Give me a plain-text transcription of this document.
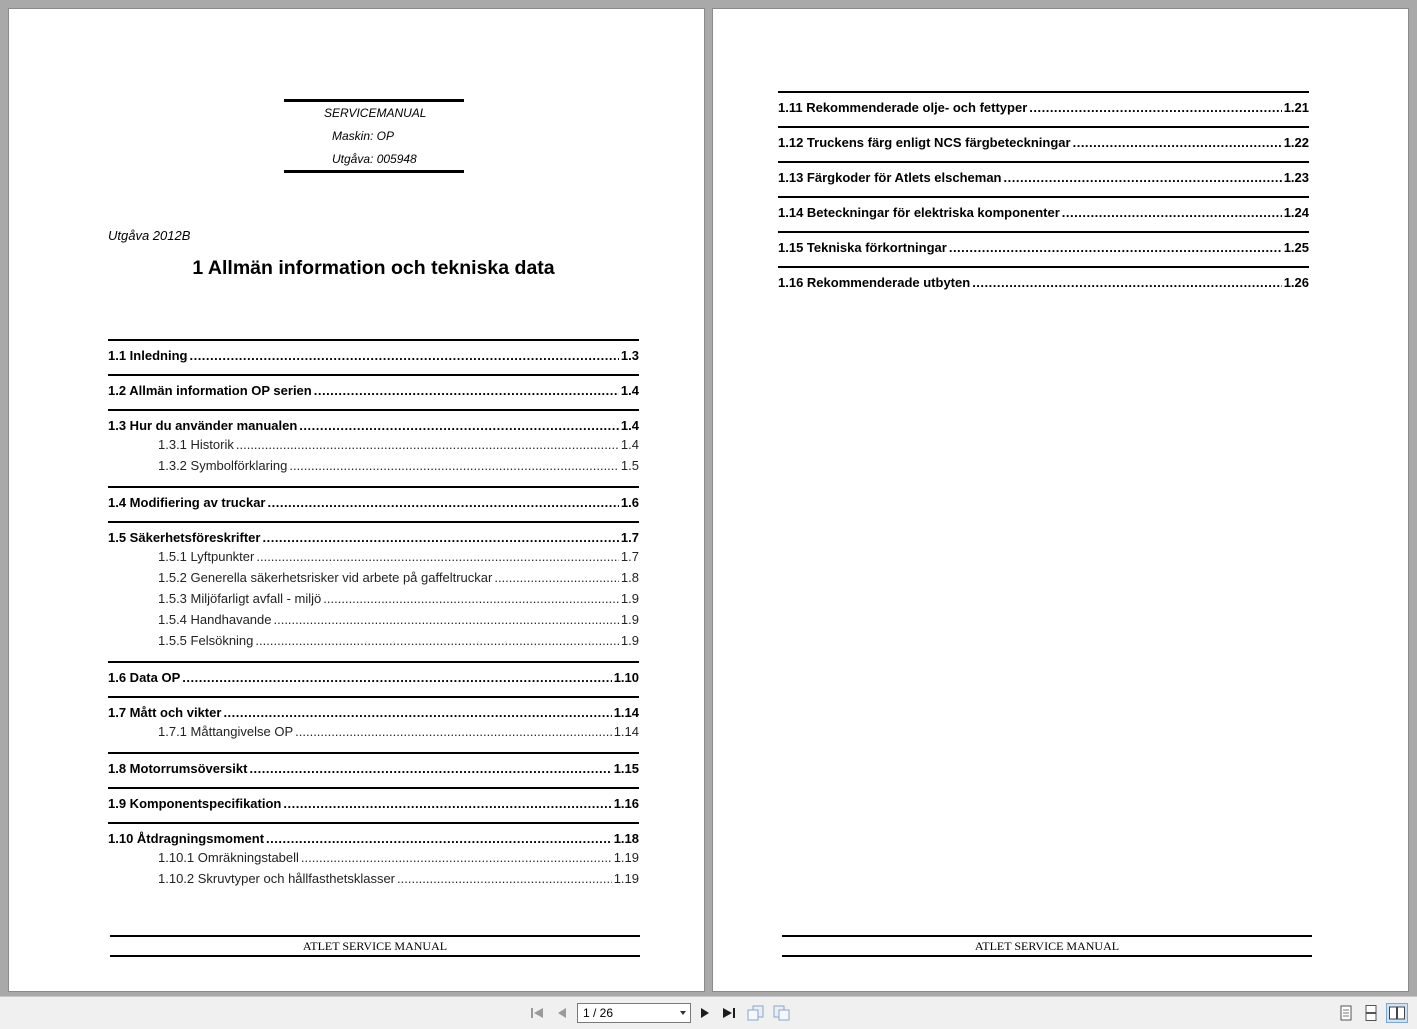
SERVICEMANUAL
Maskin: OP
Utgåva: 005948
Utgåva 2012B
1 Allmän information och tekniska data
1.1 Inledning .....	1.3
1.2 Allmän information OP serien .....	1.4
1.3 Hur du använder manualen .....	1.4
1.3.1 Historik .....	1.4
1.3.2 Symbolförklaring .....	1.5
1.4 Modifiering av truckar .....	1.6
1.5 Säkerhetsföreskrifter .....	1.7
1.5.1 Lyftpunkter .....	1.7
1.5.2 Generella säkerhetsrisker vid arbete på gaffeltruckar .....	1.8
1.5.3 Miljöfarligt avfall - miljö .....	1.9
1.5.4 Handhavande .....	1.9
1.5.5 Felsökning .....	1.9
1.6 Data OP .....	1.10
1.7 Mått och vikter .....	1.14
1.7.1 Måttangivelse OP .....	1.14
1.8 Motorrumsöversikt .....	1.15
1.9 Komponentspecifikation .....	1.16
1.10 Åtdragningsmoment .....	1.18
1.10.1 Omräkningstabell .....	1.19
1.10.2 Skruvtyper och hållfasthetsklasser .....	1.19
ATLET SERVICE MANUAL
1.11 Rekommenderade olje- och fettyper .....	1.21
1.12 Truckens färg enligt NCS färgbeteckningar .....	1.22
1.13 Färgkoder för Atlets elscheman .....	1.23
1.14 Beteckningar för elektriska komponenter .....	1.24
1.15 Tekniska förkortningar .....	1.25
1.16 Rekommenderade utbyten .....	1.26
ATLET SERVICE MANUAL
1 / 26
